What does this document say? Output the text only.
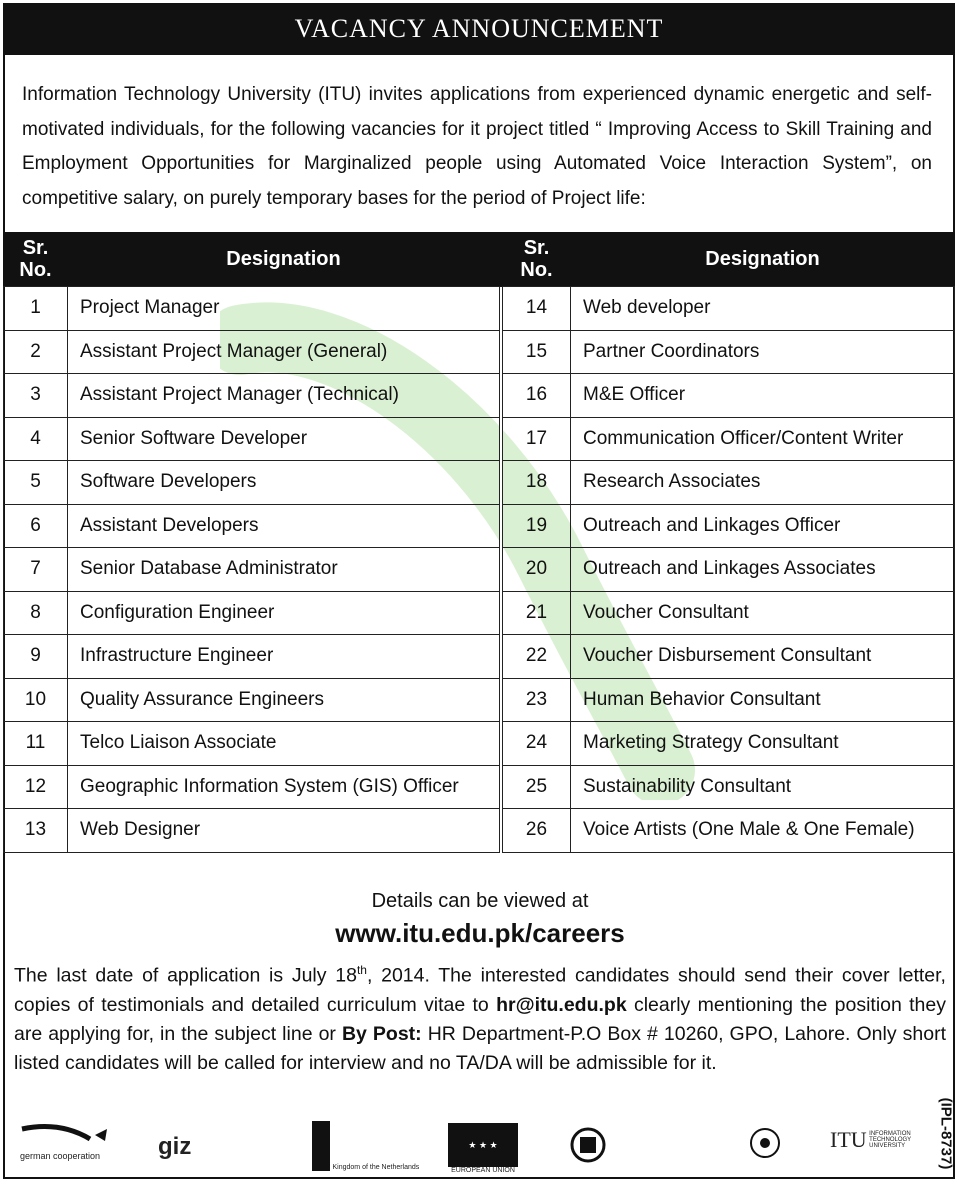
VACANCY ANNOUNCEMENT
Information Technology University (ITU) invites applications from experienced dynamic energetic and self-motivated individuals, for the following vacancies for it project titled “ Improving Access to Skill Training and Employment Opportunities for Marginalized people using Automated Voice Interaction System”, on competitive salary, on purely temporary bases for the period of Project life:
Sr. No.	Designation		Sr. No.	Designation
1	Project Manager		14	Web developer
2	Assistant Project Manager (General)		15	Partner Coordinators
3	Assistant Project Manager (Technical)		16	M&E Officer
4	Senior Software Developer		17	Communication Officer/Content Writer
5	Software Developers		18	Research Associates
6	Assistant Developers		19	Outreach and Linkages Officer
7	Senior Database Administrator		20	Outreach and Linkages Associates
8	Configuration Engineer		21	Voucher Consultant
9	Infrastructure Engineer		22	Voucher Disbursement Consultant
10	Quality Assurance Engineers		23	Human Behavior Consultant
11	Telco Liaison Associate		24	Marketing Strategy Consultant
12	Geographic Information System (GIS) Officer		25	Sustainability Consultant
13	Web Designer		26	Voice Artists (One Male & One Female)
Details can be viewed at
www.itu.edu.pk/careers
The last date of application is July 18th, 2014. The interested candidates should send their cover letter, copies of testimonials and detailed curriculum vitae to hr@itu.edu.pk clearly mentioning the position they are applying for, in the subject line or By Post: HR Department-P.O Box # 10260, GPO, Lahore. Only short listed candidates will be called for interview and no TA/DA will be admissible for it.
(IPL-8737)
german cooperation	giz
Kingdom of the Netherlands
★ ★ ★
EUROPEAN UNION
ITU INFORMATION TECHNOLOGY UNIVERSITY
